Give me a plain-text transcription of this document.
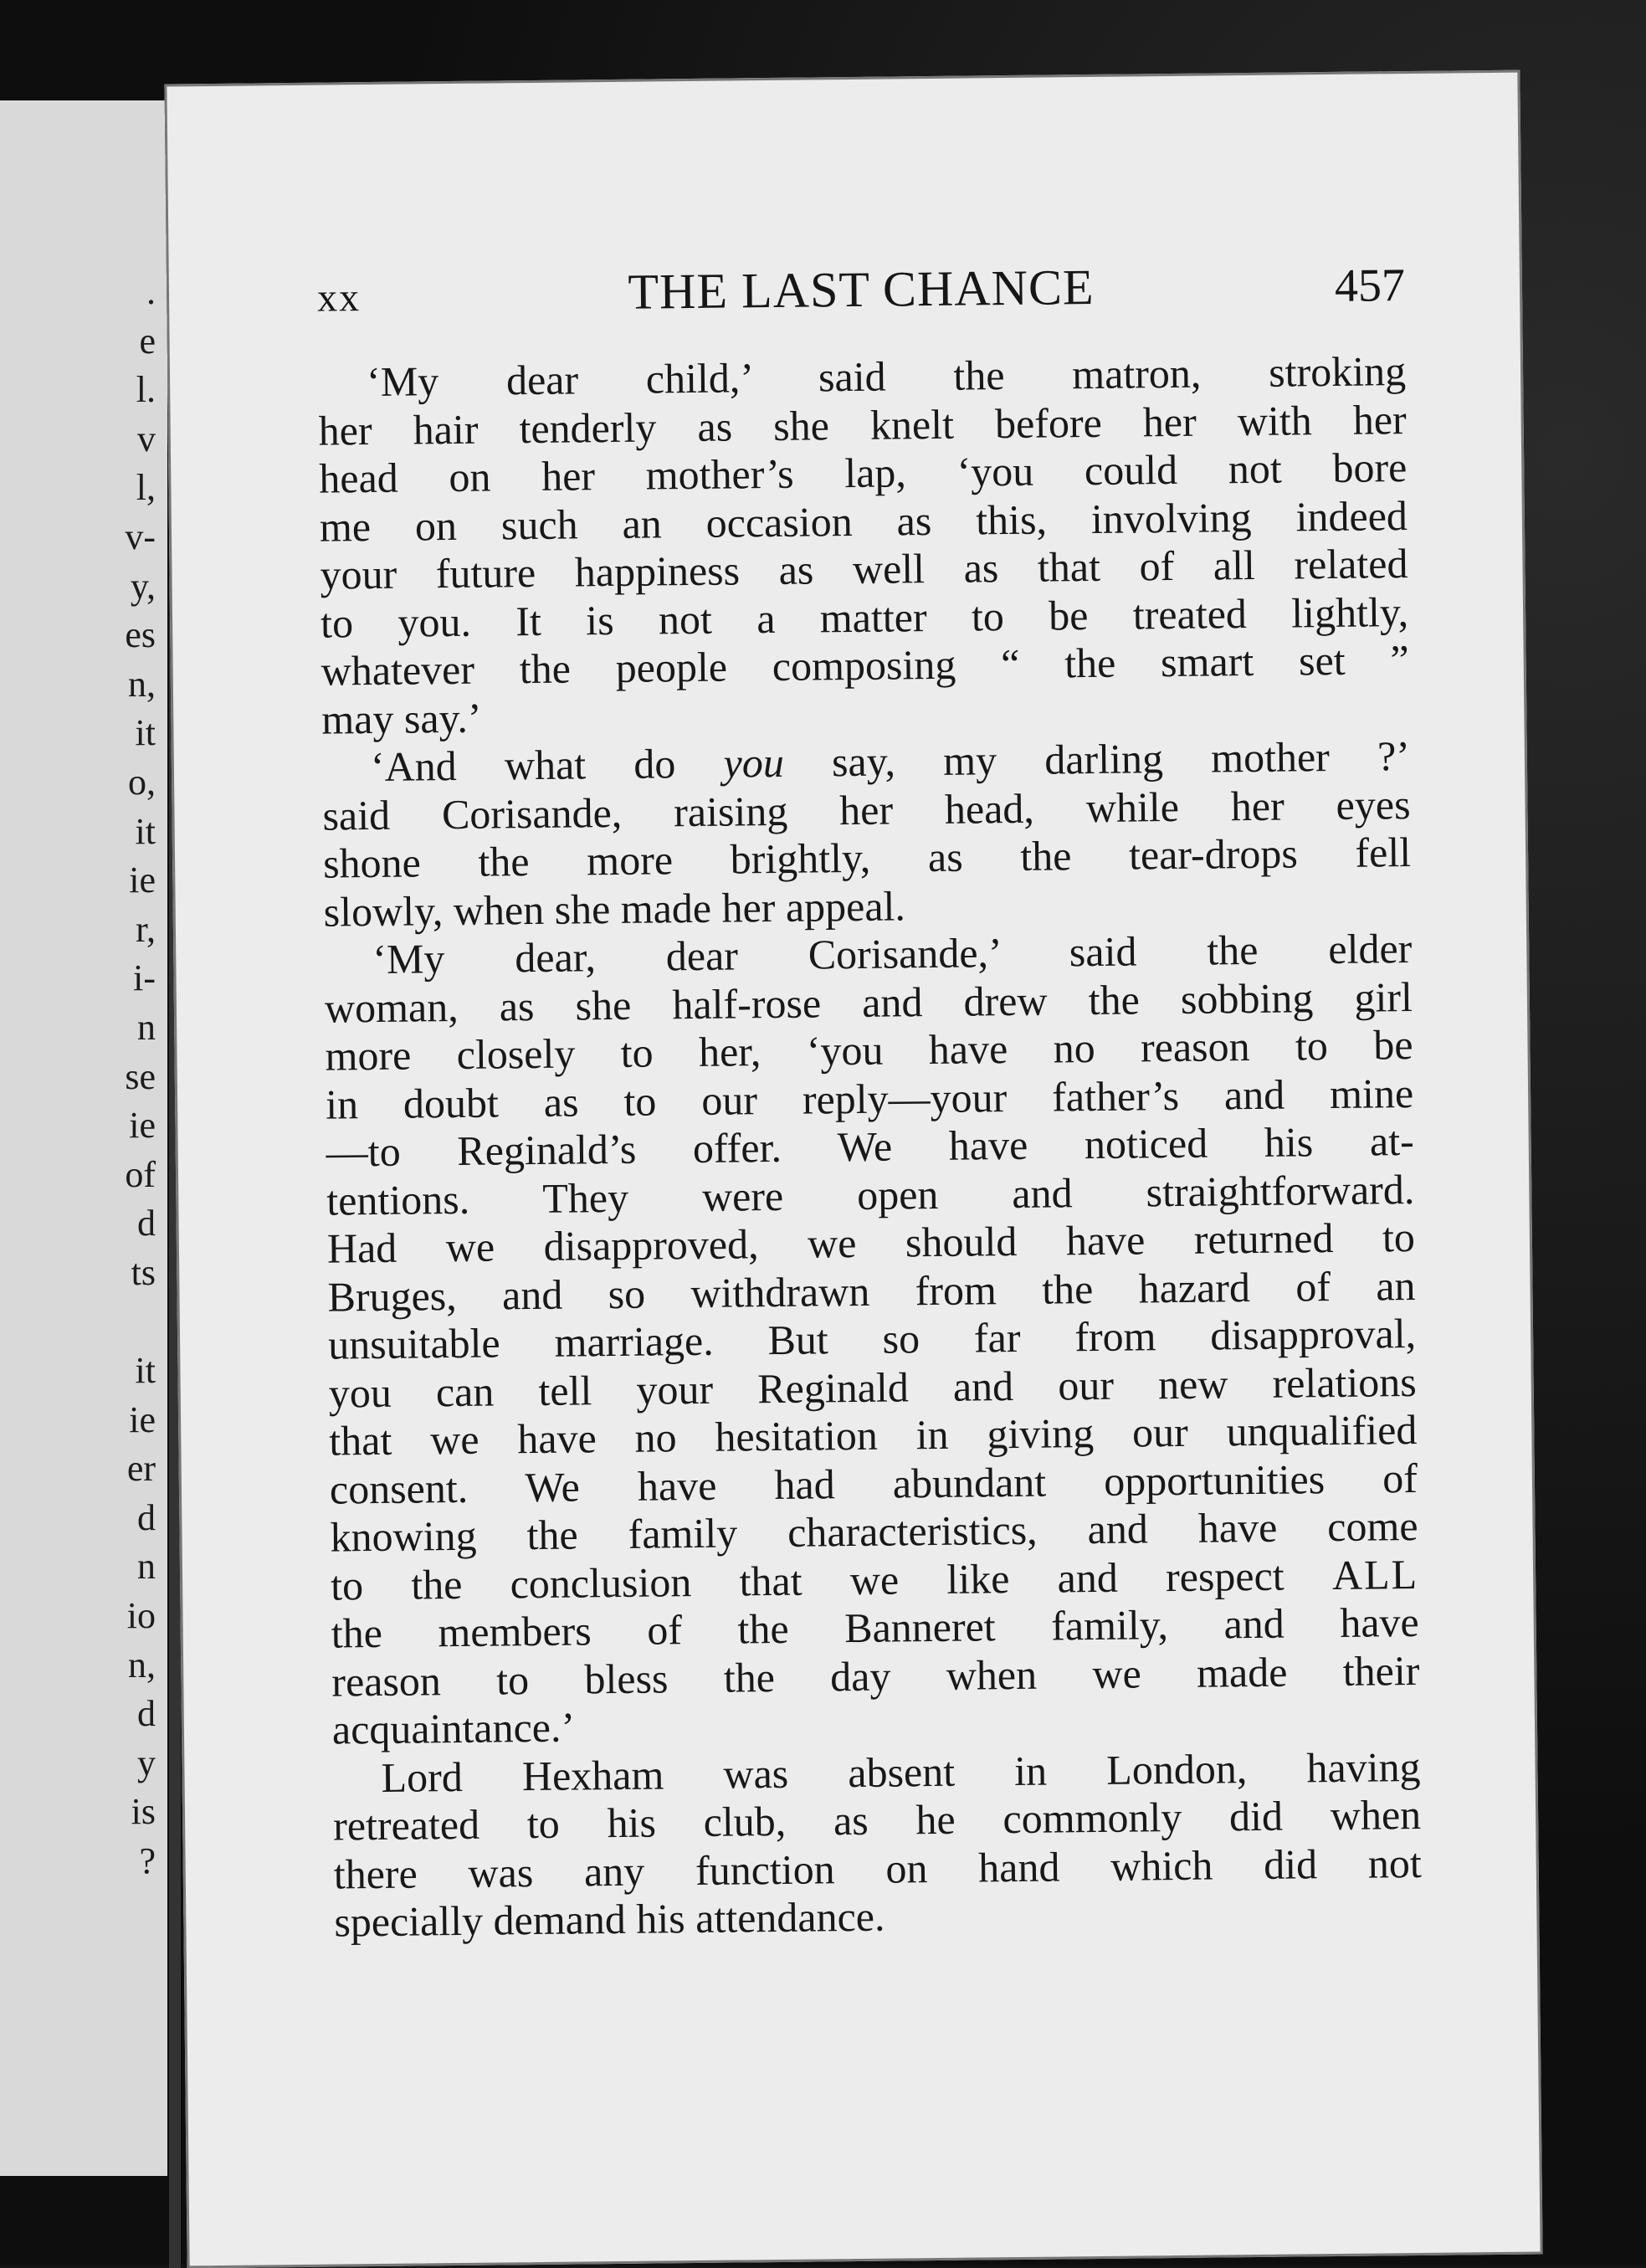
.
e
l.
v
l,
v-
y,
es
n,
it
o,
it
ie
r,
i-
n
se
ie
of
d
ts
it
ie
er
d
n
io
n,
d
y
is
?
xx	THE LAST CHANCE	457
‘My dear child,’ said the matron, stroking
her hair tenderly as she knelt before her with her
head on her mother’s lap, ‘you could not bore
me on such an occasion as this, involving indeed
your future happiness as well as that of all related
to you. It is not a matter to be treated lightly,
whatever the people composing “ the smart set ”
may say.’
‘And what do you say, my darling mother ?’
said Corisande, raising her head, while her eyes
shone the more brightly, as the tear-drops fell
slowly, when she made her appeal.
‘My dear, dear Corisande,’ said the elder
woman, as she half-rose and drew the sobbing girl
more closely to her, ‘you have no reason to be
in doubt as to our reply—your father’s and mine
—to Reginald’s offer. We have noticed his at-
tentions. They were open and straightforward.
Had we disapproved, we should have returned to
Bruges, and so withdrawn from the hazard of an
unsuitable marriage. But so far from disapproval,
you can tell your Reginald and our new relations
that we have no hesitation in giving our unqualified
consent. We have had abundant opportunities of
knowing the family characteristics, and have come
to the conclusion that we like and respect ALL
the members of the Banneret family, and have
reason to bless the day when we made their
acquaintance.’
Lord Hexham was absent in London, having
retreated to his club, as he commonly did when
there was any function on hand which did not
specially demand his attendance.
